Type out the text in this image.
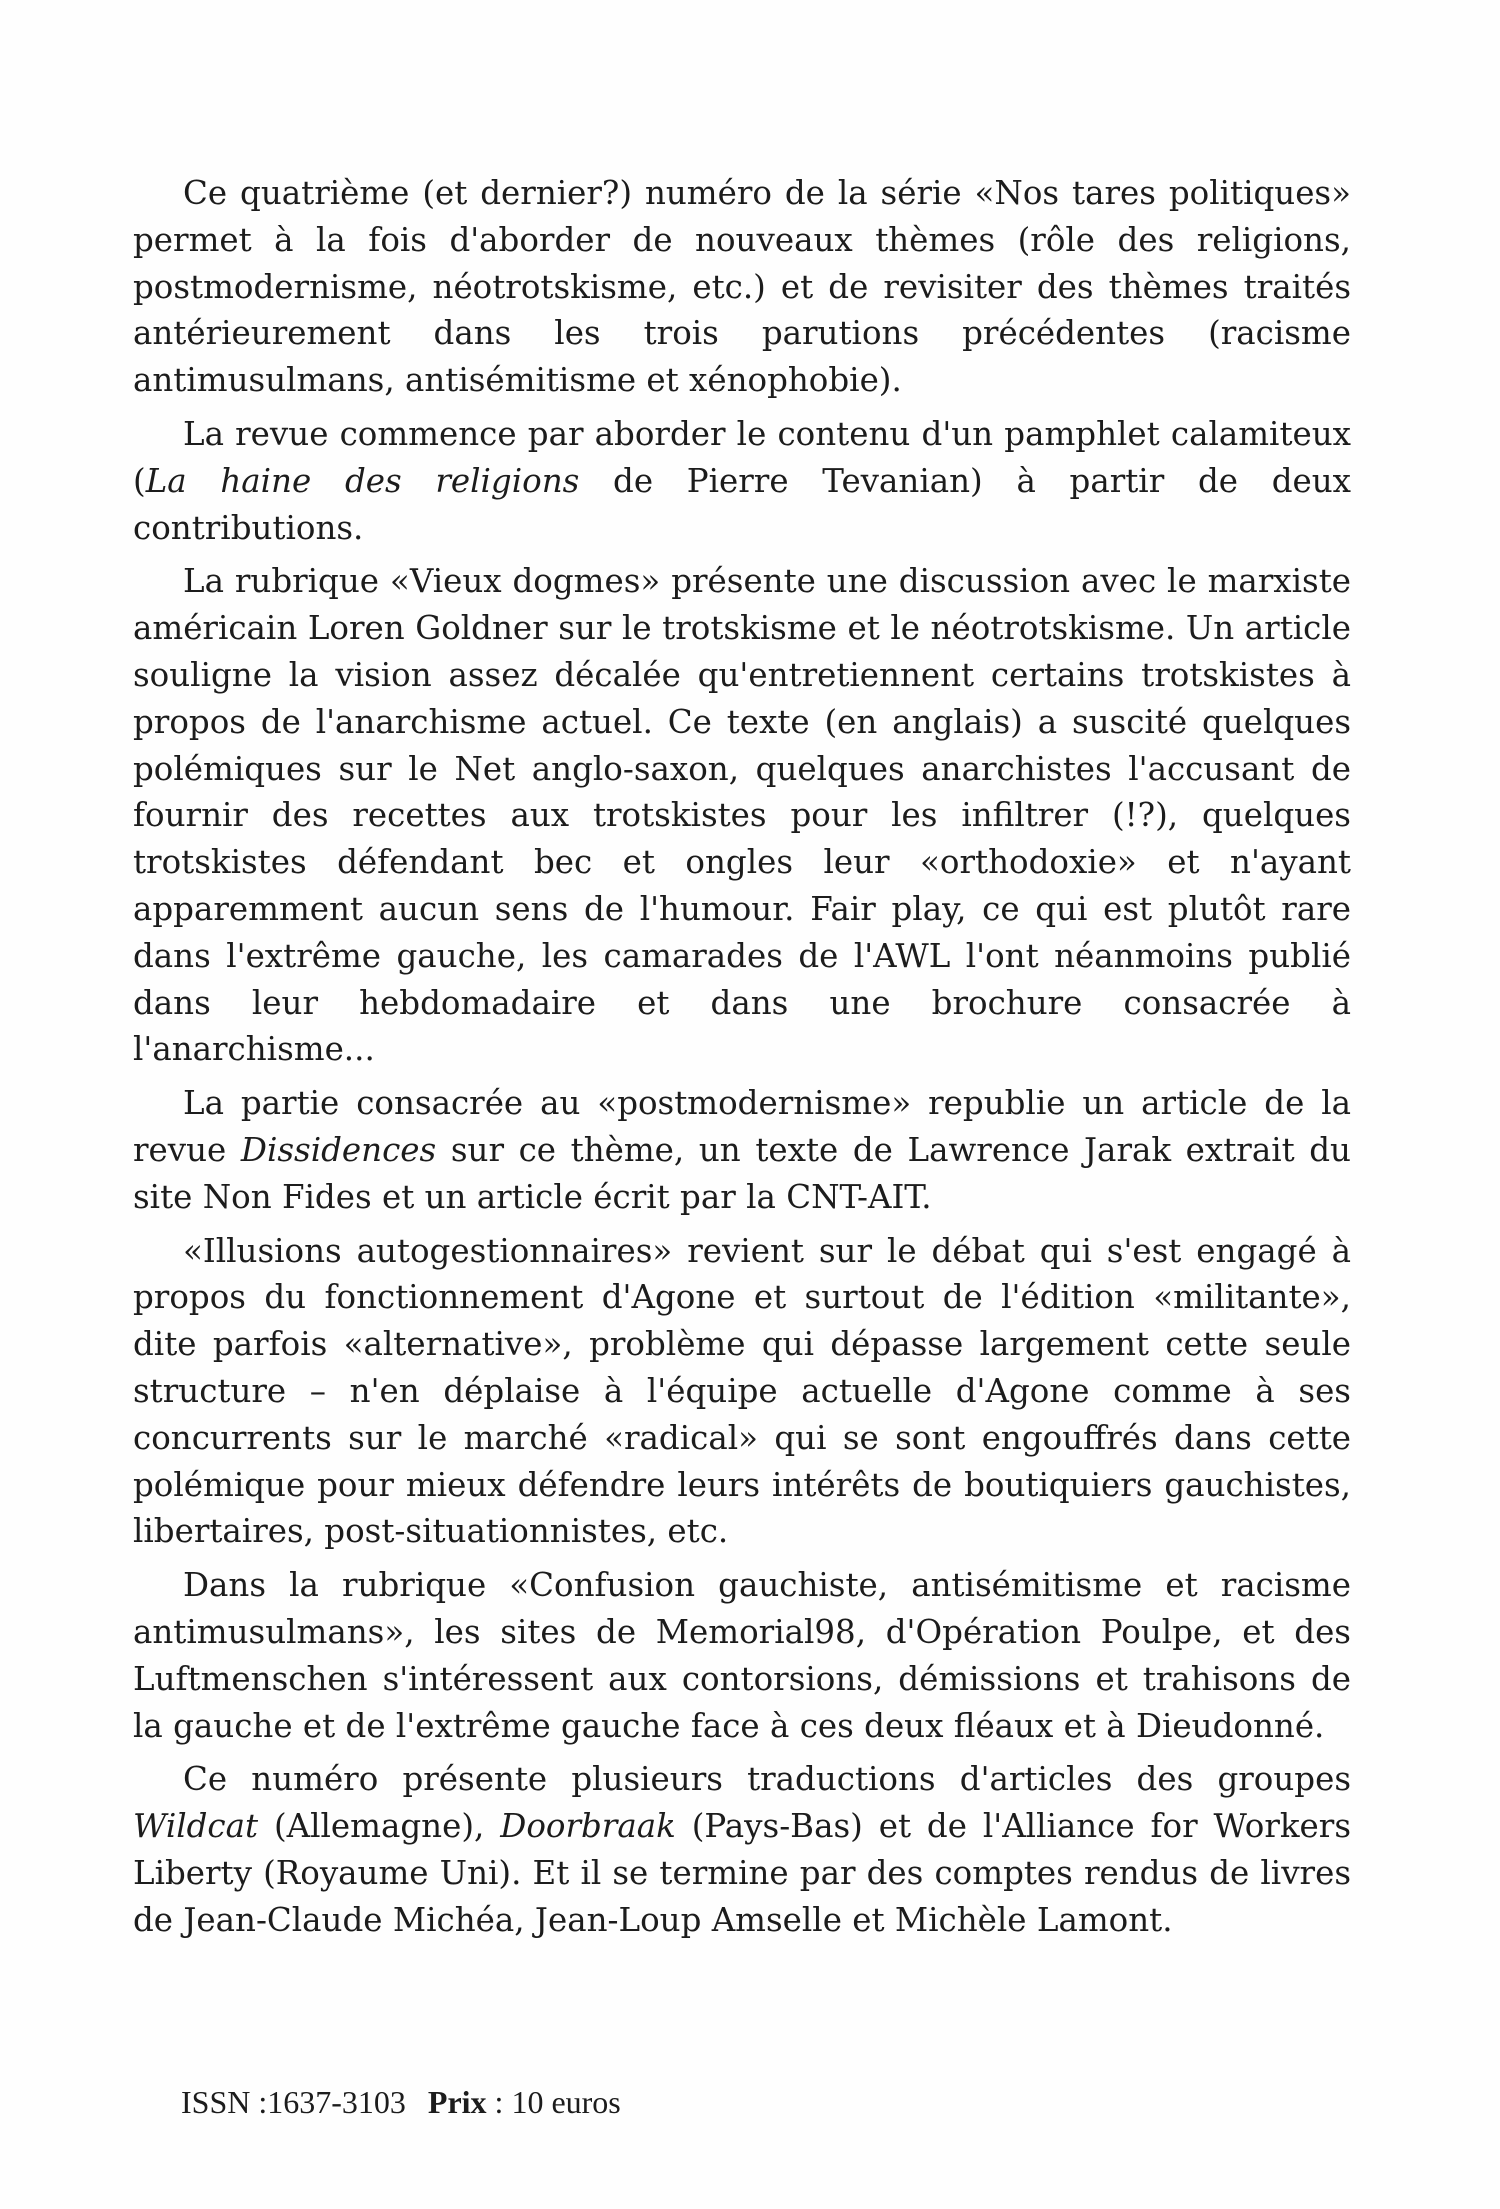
Ce quatrième (et dernier?) numéro de la série «Nos tares politiques» permet à la fois d'aborder de nouveaux thèmes (rôle des religions, postmodernisme, néotrotskisme, etc.) et de revisiter des thèmes traités antérieurement dans les trois parutions précédentes (racisme antimusulmans, antisémitisme et xénophobie).

La revue commence par aborder le contenu d'un pamphlet calamiteux (La haine des religions de Pierre Tevanian) à partir de deux contributions.

La rubrique «Vieux dogmes» présente une discussion avec le marxiste américain Loren Goldner sur le trotskisme et le néotrotskisme. Un article souligne la vision assez décalée qu'entretiennent certains trotskistes à propos de l'anarchisme actuel. Ce texte (en anglais) a suscité quelques polémiques sur le Net anglo-saxon, quelques anarchistes l'accusant de fournir des recettes aux trotskistes pour les infiltrer (!?), quelques trotskistes défendant bec et ongles leur «orthodoxie» et n'ayant apparemment aucun sens de l'humour. Fair play, ce qui est plutôt rare dans l'extrême gauche, les camarades de l'AWL l'ont néanmoins publié dans leur hebdomadaire et dans une brochure consacrée à l'anarchisme...

La partie consacrée au «postmodernisme» republie un article de la revue Dissidences sur ce thème, un texte de Lawrence Jarak extrait du site Non Fides et un article écrit par la CNT-AIT.

«Illusions autogestionnaires» revient sur le débat qui s'est engagé à propos du fonctionnement d'Agone et surtout de l'édition «militante», dite parfois «alternative», problème qui dépasse largement cette seule structure – n'en déplaise à l'équipe actuelle d'Agone comme à ses concurrents sur le marché «radical» qui se sont engouffrés dans cette polémique pour mieux défendre leurs intérêts de boutiquiers gauchistes, libertaires, post-situationnistes, etc.

Dans la rubrique «Confusion gauchiste, antisémitisme et racisme antimusulmans», les sites de Memorial98, d'Opération Poulpe, et des Luftmenschen s'intéressent aux contorsions, démissions et trahisons de la gauche et de l'extrême gauche face à ces deux fléaux et à Dieudonné.

Ce numéro présente plusieurs traductions d'articles des groupes Wildcat (Allemagne), Doorbraak (Pays-Bas) et de l'Alliance for Workers Liberty (Royaume Uni). Et il se termine par des comptes rendus de livres de Jean-Claude Michéa, Jean-Loup Amselle et Michèle Lamont.

ISSN :1637-3103 Prix : 10 euros
